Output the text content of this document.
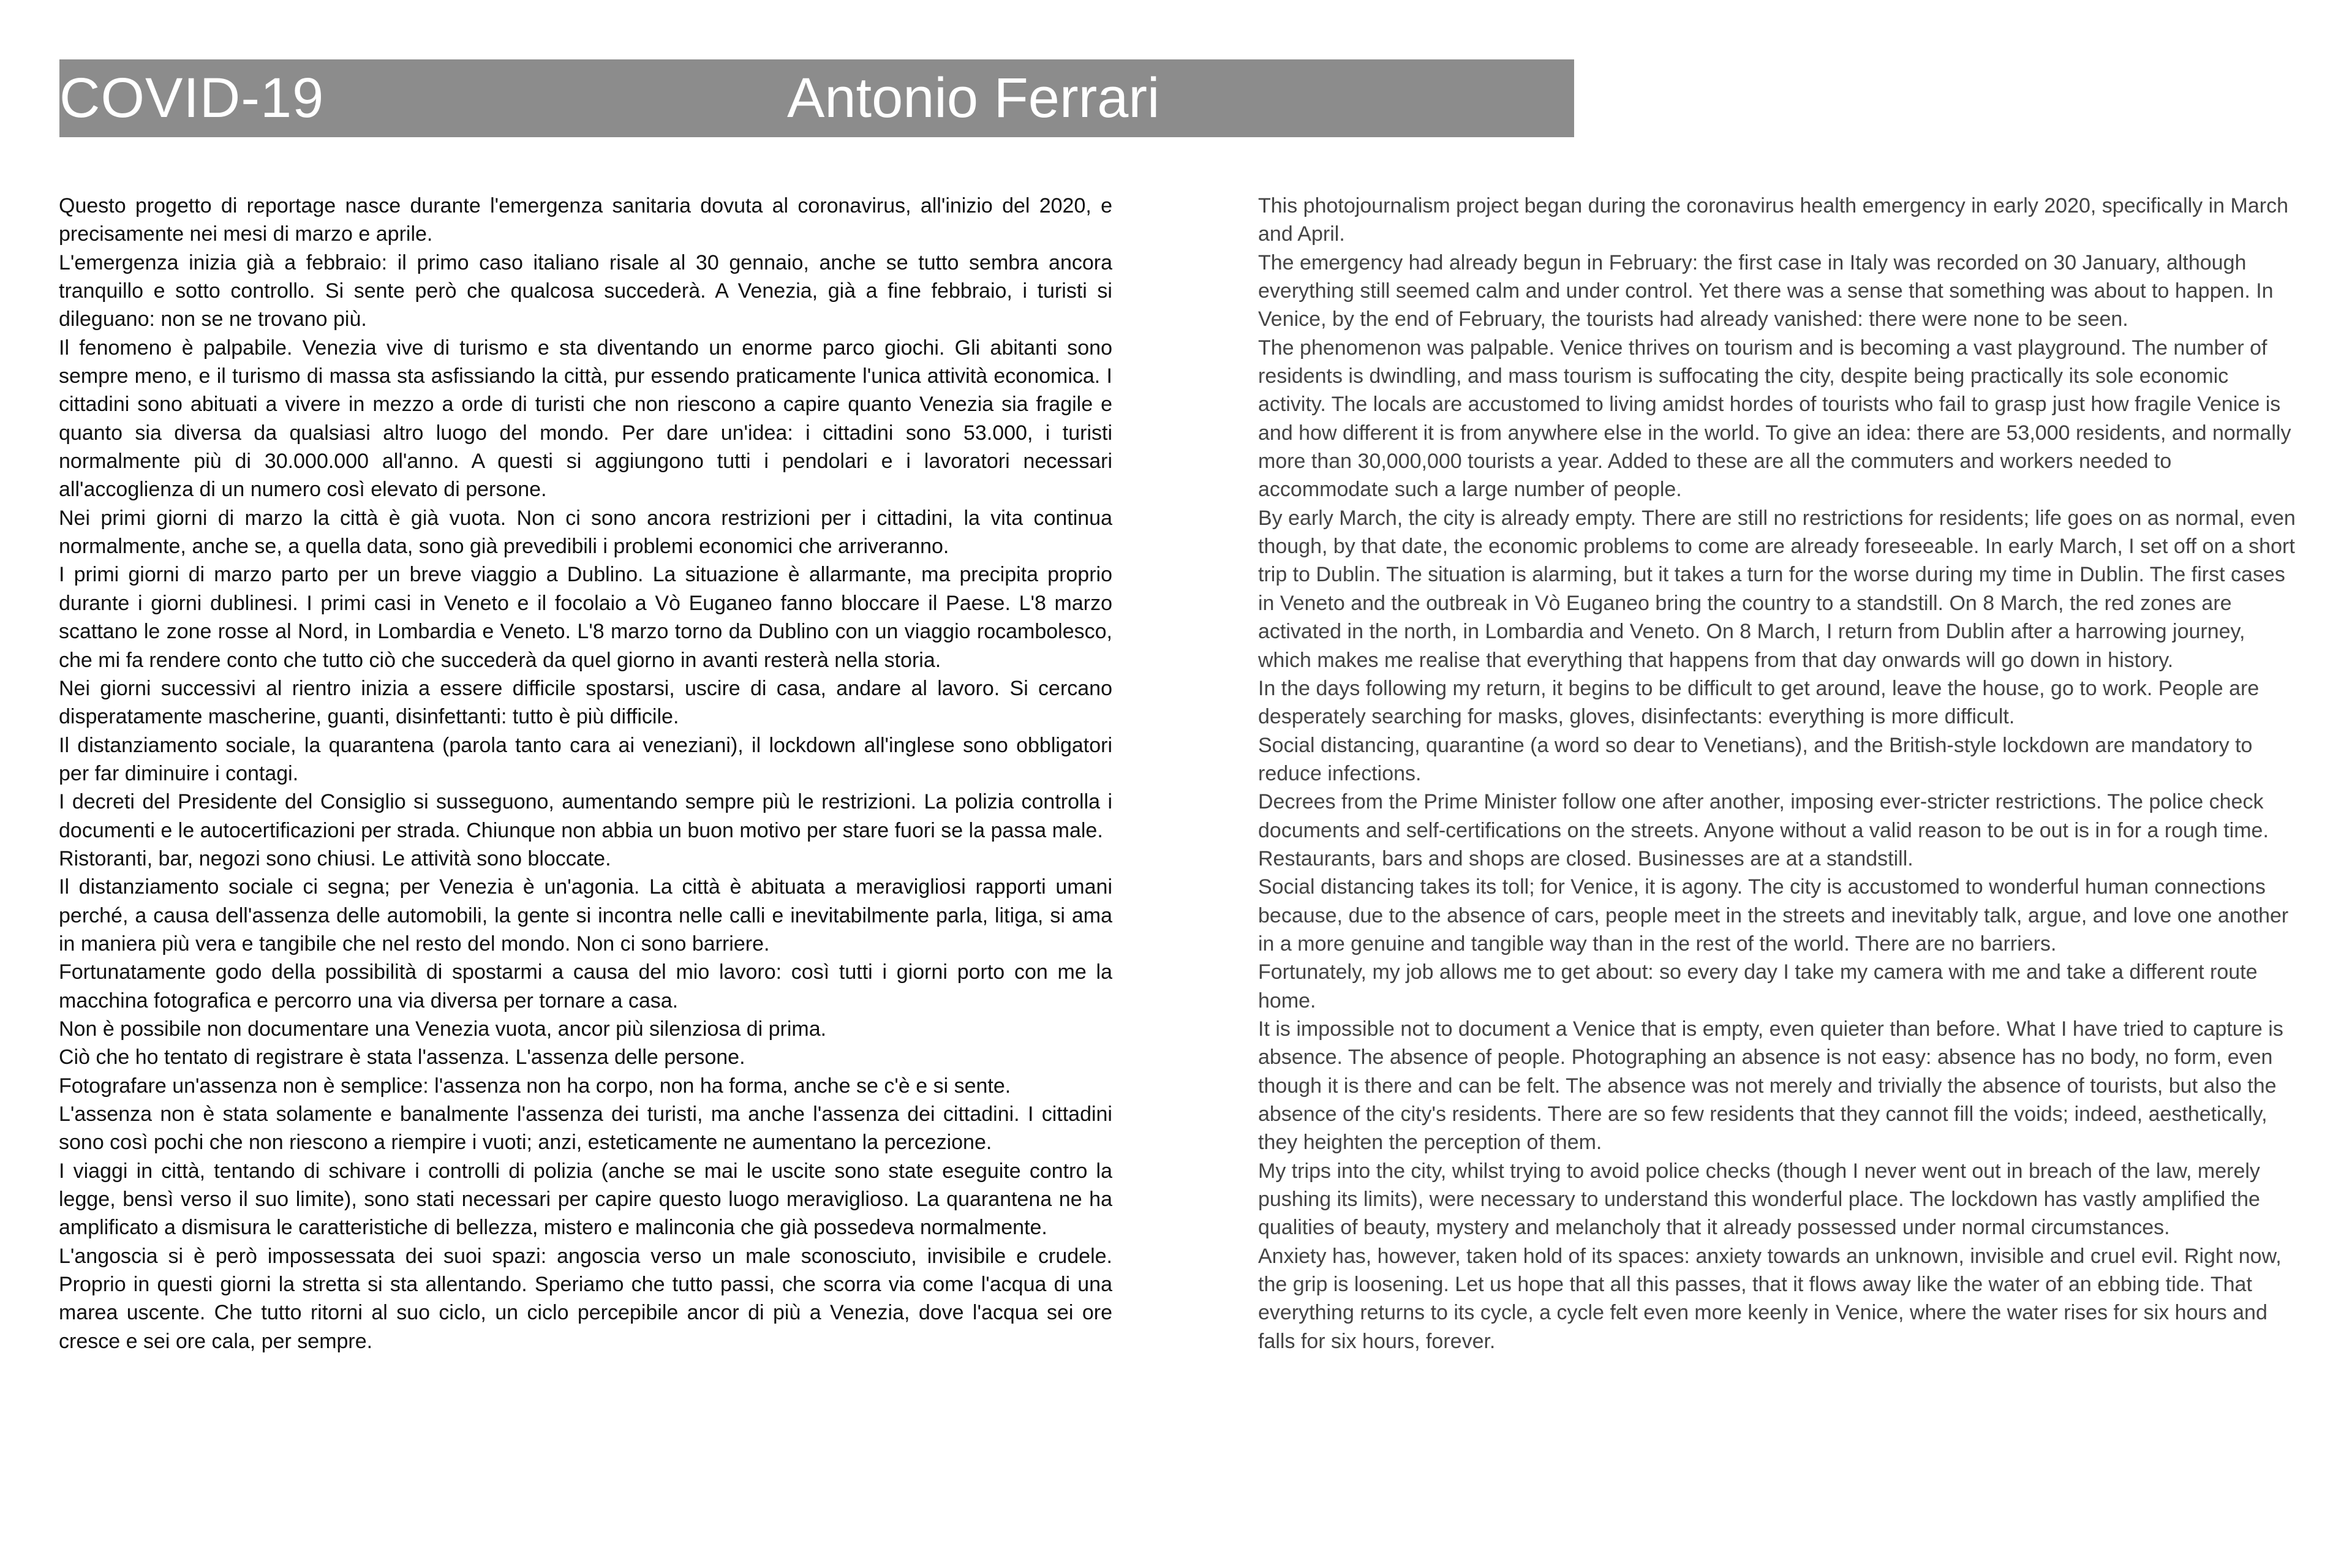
COVID-19	Antonio Ferrari

Questo progetto di reportage nasce durante l'emergenza sanitaria dovuta al coronavirus, all'inizio del 2020, e precisamente nei mesi di marzo e aprile.

L'emergenza inizia già a febbraio: il primo caso italiano risale al 30 gennaio, anche se tutto sembra ancora tranquillo e sotto controllo. Si sente però che qualcosa succederà. A Venezia, già a fine febbraio, i turisti si dileguano: non se ne trovano più.

Il fenomeno è palpabile. Venezia vive di turismo e sta diventando un enorme parco giochi. Gli abitanti sono sempre meno, e il turismo di massa sta asfissiando la città, pur essendo praticamente l'unica attività economica. I cittadini sono abituati a vivere in mezzo a orde di turisti che non riescono a capire quanto Venezia sia fragile e quanto sia diversa da qualsiasi altro luogo del mondo. Per dare un'idea: i cittadini sono 53.000, i turisti normalmente più di 30.000.000 all'anno. A questi si aggiungono tutti i pendolari e i lavoratori necessari all'accoglienza di un numero così elevato di persone.

Nei primi giorni di marzo la città è già vuota. Non ci sono ancora restrizioni per i cittadini, la vita continua normalmente, anche se, a quella data, sono già prevedibili i problemi economici che arriveranno.

I primi giorni di marzo parto per un breve viaggio a Dublino. La situazione è allarmante, ma precipita proprio durante i giorni dublinesi. I primi casi in Veneto e il focolaio a Vò Euganeo fanno bloccare il Paese. L'8 marzo scattano le zone rosse al Nord, in Lombardia e Veneto. L'8 marzo torno da Dublino con un viaggio rocambolesco, che mi fa rendere conto che tutto ciò che succederà da quel giorno in avanti resterà nella storia.

Nei giorni successivi al rientro inizia a essere difficile spostarsi, uscire di casa, andare al lavoro. Si cercano disperatamente mascherine, guanti, disinfettanti: tutto è più difficile.

Il distanziamento sociale, la quarantena (parola tanto cara ai veneziani), il lockdown all'inglese sono obbligatori per far diminuire i contagi.

I decreti del Presidente del Consiglio si susseguono, aumentando sempre più le restrizioni. La polizia controlla i documenti e le autocertificazioni per strada. Chiunque non abbia un buon motivo per stare fuori se la passa male.

Ristoranti, bar, negozi sono chiusi. Le attività sono bloccate.

Il distanziamento sociale ci segna; per Venezia è un'agonia. La città è abituata a meravigliosi rapporti umani perché, a causa dell'assenza delle automobili, la gente si incontra nelle calli e inevitabilmente parla, litiga, si ama in maniera più vera e tangibile che nel resto del mondo. Non ci sono barriere.

Fortunatamente godo della possibilità di spostarmi a causa del mio lavoro: così tutti i giorni porto con me la macchina fotografica e percorro una via diversa per tornare a casa.

Non è possibile non documentare una Venezia vuota, ancor più silenziosa di prima.

Ciò che ho tentato di registrare è stata l'assenza. L'assenza delle persone.

Fotografare un'assenza non è semplice: l'assenza non ha corpo, non ha forma, anche se c'è e si sente.

L'assenza non è stata solamente e banalmente l'assenza dei turisti, ma anche l'assenza dei cittadini. I cittadini sono così pochi che non riescono a riempire i vuoti; anzi, esteticamente ne aumentano la percezione.

I viaggi in città, tentando di schivare i controlli di polizia (anche se mai le uscite sono state eseguite contro la legge, bensì verso il suo limite), sono stati necessari per capire questo luogo meraviglioso. La quarantena ne ha amplificato a dismisura le caratteristiche di bellezza, mistero e malinconia che già possedeva normalmente.

L'angoscia si è però impossessata dei suoi spazi: angoscia verso un male sconosciuto, invisibile e crudele. Proprio in questi giorni la stretta si sta allentando. Speriamo che tutto passi, che scorra via come l'acqua di una marea uscente. Che tutto ritorni al suo ciclo, un ciclo percepibile ancor di più a Venezia, dove l'acqua sei ore cresce e sei ore cala, per sempre.

This photojournalism project began during the coronavirus health emergency in early 2020, specifically in March and April.

The emergency had already begun in February: the first case in Italy was recorded on 30 January, although everything still seemed calm and under control. Yet there was a sense that something was about to happen. In Venice, by the end of February, the tourists had already vanished: there were none to be seen.

The phenomenon was palpable. Venice thrives on tourism and is becoming a vast playground. The number of residents is dwindling, and mass tourism is suffocating the city, despite being practically its sole economic activity. The locals are accustomed to living amidst hordes of tourists who fail to grasp just how fragile Venice is and how different it is from anywhere else in the world. To give an idea: there are 53,000 residents, and normally more than 30,000,000 tourists a year. Added to these are all the commuters and workers needed to accommodate such a large number of people.

By early March, the city is already empty. There are still no restrictions for residents; life goes on as normal, even though, by that date, the economic problems to come are already foreseeable. In early March, I set off on a short trip to Dublin. The situation is alarming, but it takes a turn for the worse during my time in Dublin. The first cases in Veneto and the outbreak in Vò Euganeo bring the country to a standstill. On 8 March, the red zones are activated in the north, in Lombardia and Veneto. On 8 March, I return from Dublin after a harrowing journey, which makes me realise that everything that happens from that day onwards will go down in history.

In the days following my return, it begins to be difficult to get around, leave the house, go to work. People are desperately searching for masks, gloves, disinfectants: everything is more difficult.

Social distancing, quarantine (a word so dear to Venetians), and the British-style lockdown are mandatory to reduce infections.

Decrees from the Prime Minister follow one after another, imposing ever-stricter restrictions. The police check documents and self-certifications on the streets. Anyone without a valid reason to be out is in for a rough time.

Restaurants, bars and shops are closed. Businesses are at a standstill.

Social distancing takes its toll; for Venice, it is agony. The city is accustomed to wonderful human connections because, due to the absence of cars, people meet in the streets and inevitably talk, argue, and love one another in a more genuine and tangible way than in the rest of the world. There are no barriers.

Fortunately, my job allows me to get about: so every day I take my camera with me and take a different route home.

It is impossible not to document a Venice that is empty, even quieter than before. What I have tried to capture is absence. The absence of people. Photographing an absence is not easy: absence has no body, no form, even though it is there and can be felt. The absence was not merely and trivially the absence of tourists, but also the absence of the city's residents. There are so few residents that they cannot fill the voids; indeed, aesthetically, they heighten the perception of them.

My trips into the city, whilst trying to avoid police checks (though I never went out in breach of the law, merely pushing its limits), were necessary to understand this wonderful place. The lockdown has vastly amplified the qualities of beauty, mystery and melancholy that it already possessed under normal circumstances.

Anxiety has, however, taken hold of its spaces: anxiety towards an unknown, invisible and cruel evil. Right now, the grip is loosening. Let us hope that all this passes, that it flows away like the water of an ebbing tide. That everything returns to its cycle, a cycle felt even more keenly in Venice, where the water rises for six hours and falls for six hours, forever.
